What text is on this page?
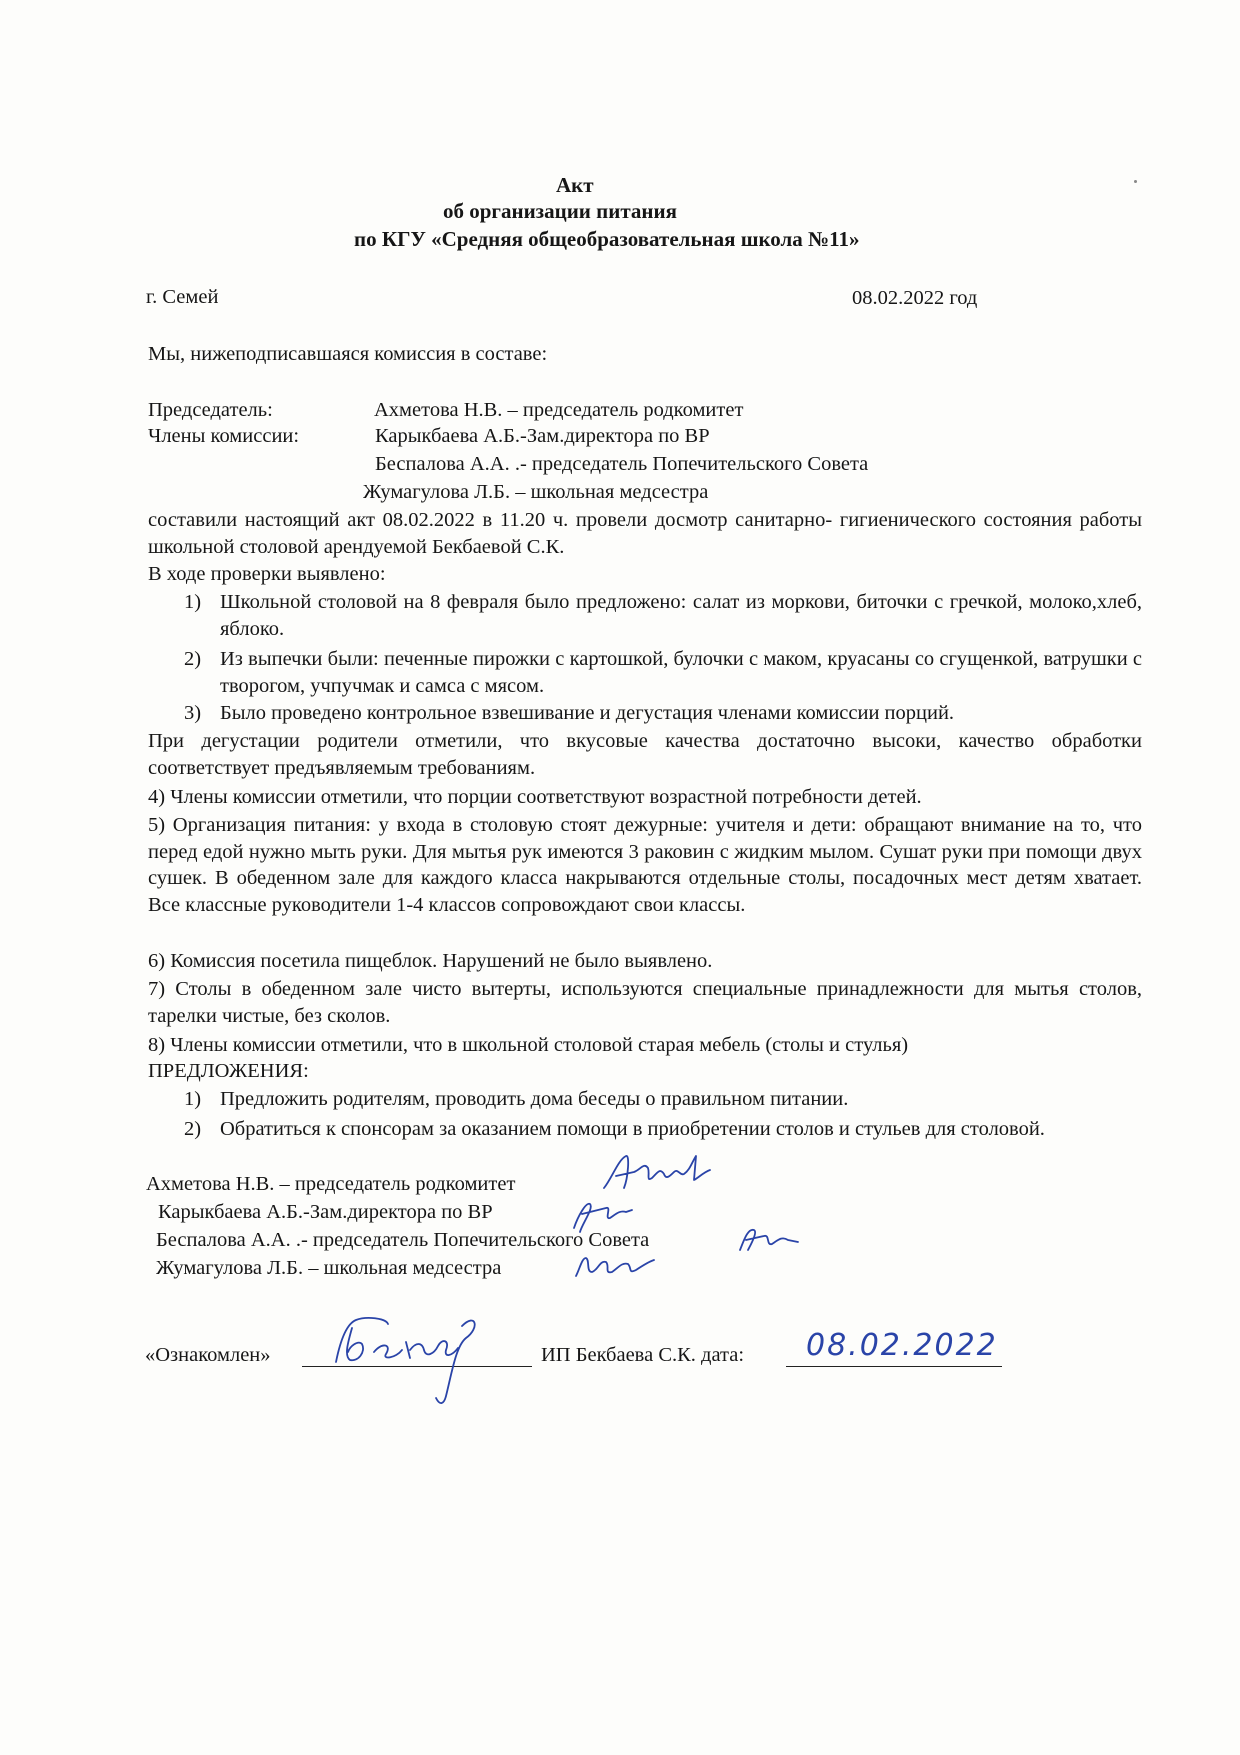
Акт
об организации питания
по КГУ «Средняя общеобразовательная школа №11»
г. Семей	08.02.2022 год
Мы, нижеподписавшаяся комиссия в составе:
Председатель:	Ахметова Н.В. – председатель родкомитет
Члены комиссии:	Карыкбаева А.Б.-Зам.директора по ВР
Беспалова А.А. .- председатель Попечительского Совета
Жумагулова Л.Б. – школьная медсестра
составили настоящий акт 08.02.2022 в 11.20 ч. провели досмотр санитарно- гигиенического состояния работы школьной столовой арендуемой Бекбаевой С.К.
В ходе проверки выявлено:
1) Школьной столовой на 8 февраля было предложено: салат из моркови, биточки с гречкой, молоко,хлеб, яблоко.
2) Из выпечки были: печенные пирожки с картошкой, булочки с маком, круасаны со сгущенкой, ватрушки с творогом, учпучмак и самса с мясом.
3) Было проведено контрольное взвешивание и дегустация членами комиссии порций.
При дегустации родители отметили, что вкусовые качества достаточно высоки, качество обработки соответствует предъявляемым требованиям.
4) Члены комиссии отметили, что порции соответствуют возрастной потребности детей.
5) Организация питания: у входа в столовую стоят дежурные: учителя и дети: обращают внимание на то, что перед едой нужно мыть руки. Для мытья рук имеются 3 раковин с жидким мылом. Сушат руки при помощи двух сушек. В обеденном зале для каждого класса накрываются отдельные столы, посадочных мест детям хватает. Все классные руководители 1-4 классов сопровождают свои классы.
6) Комиссия посетила пищеблок. Нарушений не было выявлено.
7) Столы в обеденном зале чисто вытерты, используются специальные принадлежности для мытья столов, тарелки чистые, без сколов.
8) Члены комиссии отметили, что в школьной столовой старая мебель (столы и стулья)
ПРЕДЛОЖЕНИЯ:
1) Предложить родителям, проводить дома беседы о правильном питании.
2) Обратиться к спонсорам за оказанием помощи в приобретении столов и стульев для столовой.
Ахметова Н.В. – председатель родкомитет
Карыкбаева А.Б.-Зам.директора по ВР
Беспалова А.А. .- председатель Попечительского Совета
Жумагулова Л.Б. – школьная медсестра
«Ознакомлен»	ИП Бекбаева С.К. дата: 08.02.2022
